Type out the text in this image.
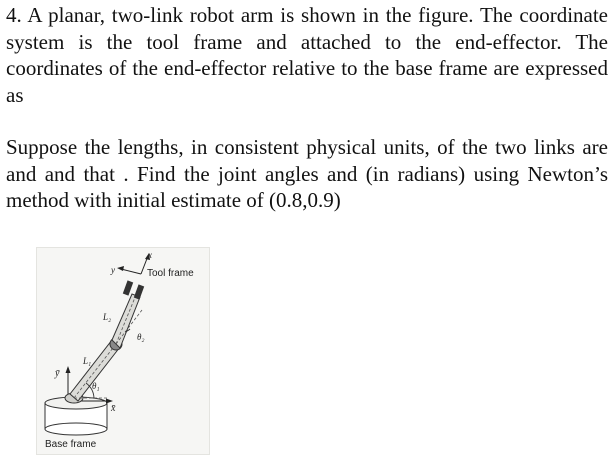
4. A planar, two-link robot arm is shown in the figure. The coordinate system is the tool frame and attached to the end-effector. The coordinates of the end-effector relative to the base frame are expressed as

Suppose the lengths, in consistent physical units, of the two links are and and that . Find the joint angles and (in radians) using Newton’s method with initial estimate of (0.8,0.9)

Tool frame
Base frame
x
y
L₂
L₁
θ₁
θ₂
ȳ
x̄
